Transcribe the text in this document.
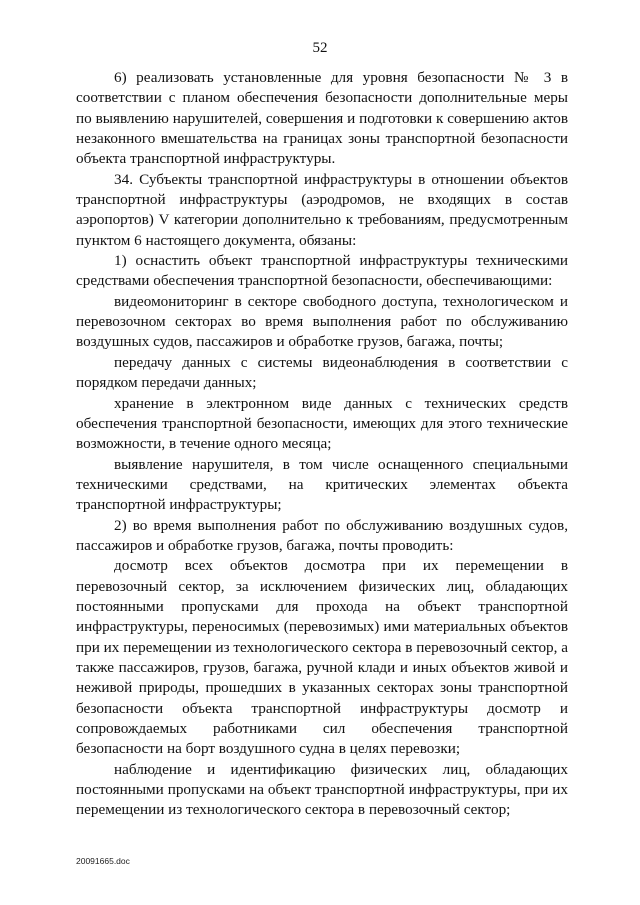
52

6) реализовать установленные для уровня безопасности № 3 в соответствии с планом обеспечения безопасности дополнительные меры по выявлению нарушителей, совершения и подготовки к совершению актов незаконного вмешательства на границах зоны транспортной безопасности объекта транспортной инфраструктуры.

34. Субъекты транспортной инфраструктуры в отношении объектов транспортной инфраструктуры (аэродромов, не входящих в состав аэропортов) V категории дополнительно к требованиям, предусмотренным пунктом 6 настоящего документа, обязаны:

1) оснастить объект транспортной инфраструктуры техническими средствами обеспечения транспортной безопасности, обеспечивающими:

видеомониторинг в секторе свободного доступа, технологическом и перевозочном секторах во время выполнения работ по обслуживанию воздушных судов, пассажиров и обработке грузов, багажа, почты;

передачу данных с системы видеонаблюдения в соответствии с порядком передачи данных;

хранение в электронном виде данных с технических средств обеспечения транспортной безопасности, имеющих для этого технические возможности, в течение одного месяца;

выявление нарушителя, в том числе оснащенного специальными техническими средствами, на критических элементах объекта транспортной инфраструктуры;

2) во время выполнения работ по обслуживанию воздушных судов, пассажиров и обработке грузов, багажа, почты проводить:

досмотр всех объектов досмотра при их перемещении в перевозочный сектор, за исключением физических лиц, обладающих постоянными пропусками для прохода на объект транспортной инфраструктуры, переносимых (перевозимых) ими материальных объектов при их перемещении из технологического сектора в перевозочный сектор, а также пассажиров, грузов, багажа, ручной клади и иных объектов живой и неживой природы, прошедших в указанных секторах зоны транспортной безопасности объекта транспортной инфраструктуры досмотр и сопровождаемых работниками сил обеспечения транспортной безопасности на борт воздушного судна в целях перевозки;

наблюдение и идентификацию физических лиц, обладающих постоянными пропусками на объект транспортной инфраструктуры, при их перемещении из технологического сектора в перевозочный сектор;

20091665.doc
